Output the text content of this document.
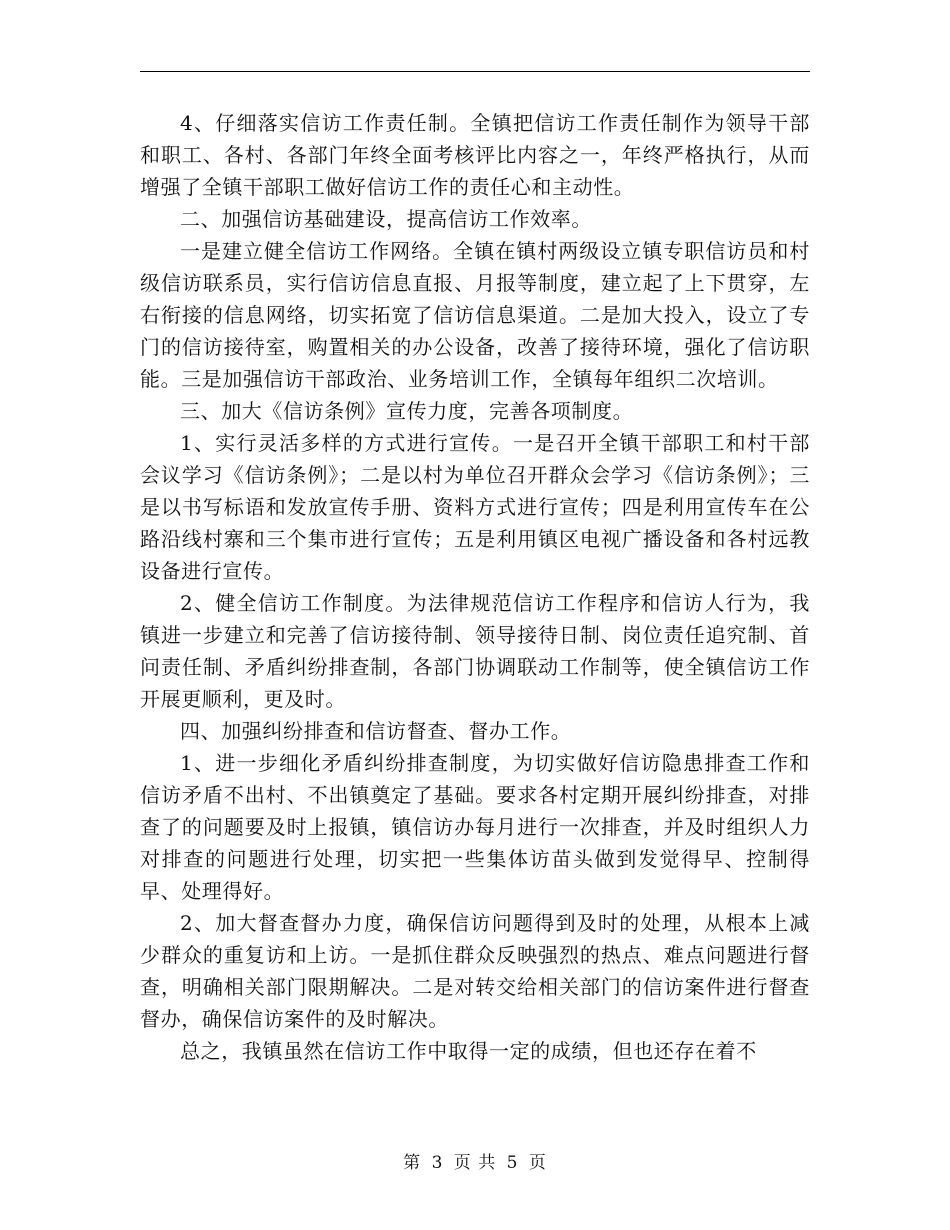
4、仔细落实信访工作责任制。全镇把信访工作责任制作为领导干部和职工、各村、各部门年终全面考核评比内容之一，年终严格执行，从而增强了全镇干部职工做好信访工作的责任心和主动性。

二、加强信访基础建设，提高信访工作效率。

一是建立健全信访工作网络。全镇在镇村两级设立镇专职信访员和村级信访联系员，实行信访信息直报、月报等制度，建立起了上下贯穿，左右衔接的信息网络，切实拓宽了信访信息渠道。二是加大投入，设立了专门的信访接待室，购置相关的办公设备，改善了接待环境，强化了信访职能。三是加强信访干部政治、业务培训工作，全镇每年组织二次培训。

三、加大《信访条例》宣传力度，完善各项制度。

1、实行灵活多样的方式进行宣传。一是召开全镇干部职工和村干部会议学习《信访条例》；二是以村为单位召开群众会学习《信访条例》；三是以书写标语和发放宣传手册、资料方式进行宣传；四是利用宣传车在公路沿线村寨和三个集市进行宣传；五是利用镇区电视广播设备和各村远教设备进行宣传。

2、健全信访工作制度。为法律规范信访工作程序和信访人行为，我镇进一步建立和完善了信访接待制、领导接待日制、岗位责任追究制、首问责任制、矛盾纠纷排查制，各部门协调联动工作制等，使全镇信访工作开展更顺利，更及时。

四、加强纠纷排查和信访督查、督办工作。

1、进一步细化矛盾纠纷排查制度，为切实做好信访隐患排查工作和信访矛盾不出村、不出镇奠定了基础。要求各村定期开展纠纷排查，对排查了的问题要及时上报镇，镇信访办每月进行一次排查，并及时组织人力对排查的问题进行处理，切实把一些集体访苗头做到发觉得早、控制得早、处理得好。

2、加大督查督办力度，确保信访问题得到及时的处理，从根本上减少群众的重复访和上访。一是抓住群众反映强烈的热点、难点问题进行督查，明确相关部门限期解决。二是对转交给相关部门的信访案件进行督查督办，确保信访案件的及时解决。

总之，我镇虽然在信访工作中取得一定的成绩，但也还存在着不

第 3 页 共 5 页
